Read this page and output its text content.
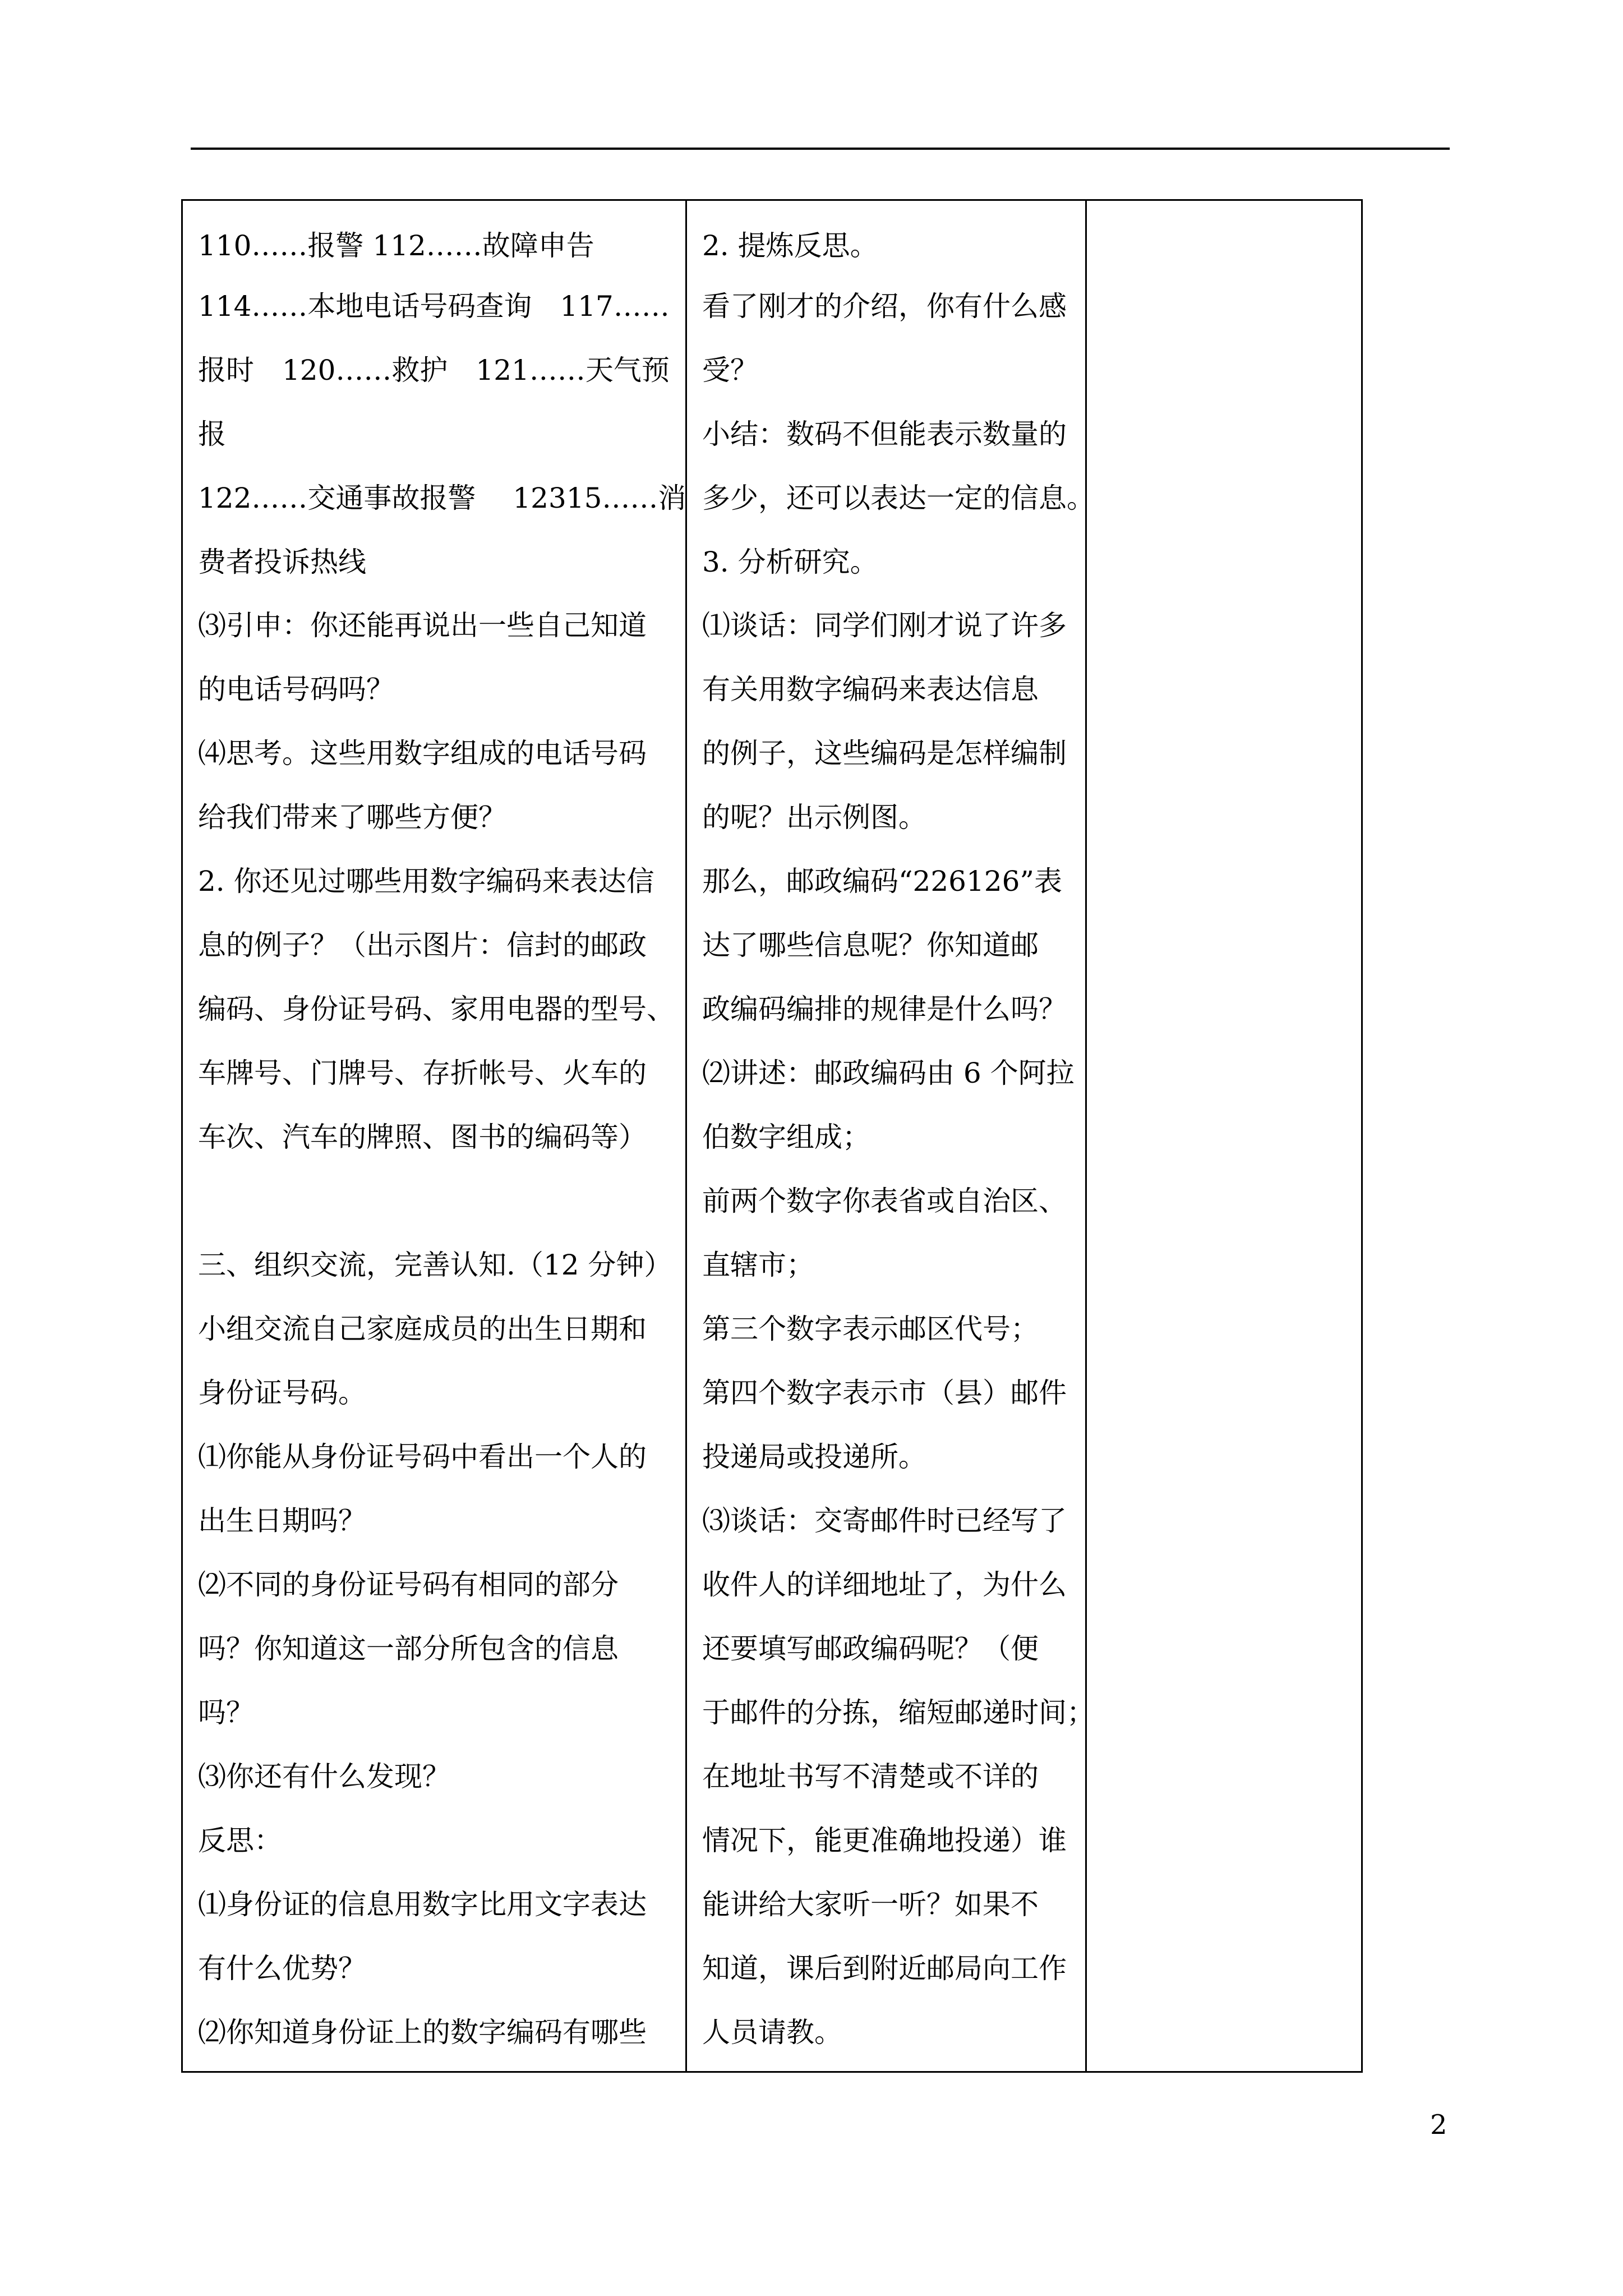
110……报警 112……故障申告
114……本地电话号码查询　117……
报时　120……救护　121……天气预
报
122……交通事故报警　 12315……消
费者投诉热线
⑶引申：你还能再说出一些自己知道
的电话号码吗？
⑷思考。这些用数字组成的电话号码
给我们带来了哪些方便？
2. 你还见过哪些用数字编码来表达信
息的例子？（出示图片：信封的邮政
编码、身份证号码、家用电器的型号、
车牌号、门牌号、存折帐号、火车的
车次、汽车的牌照、图书的编码等）
三、组织交流，完善认知.（12 分钟）
小组交流自己家庭成员的出生日期和
身份证号码。
⑴你能从身份证号码中看出一个人的
出生日期吗？
⑵不同的身份证号码有相同的部分
吗？你知道这一部分所包含的信息
吗？
⑶你还有什么发现？
反思：
⑴身份证的信息用数字比用文字表达
有什么优势？
⑵你知道身份证上的数字编码有哪些
2. 提炼反思。
看了刚才的介绍，你有什么感
受？
小结：数码不但能表示数量的
多少，还可以表达一定的信息。
3. 分析研究。
⑴谈话：同学们刚才说了许多
有关用数字编码来表达信息
的例子，这些编码是怎样编制
的呢？出示例图。
那么，邮政编码“226126”表
达了哪些信息呢？你知道邮
政编码编排的规律是什么吗？
⑵讲述：邮政编码由 6 个阿拉
伯数字组成；
前两个数字你表省或自治区、
直辖市；
第三个数字表示邮区代号；
第四个数字表示市（县）邮件
投递局或投递所。
⑶谈话：交寄邮件时已经写了
收件人的详细地址了，为什么
还要填写邮政编码呢？（便
于邮件的分拣，缩短邮递时间；
在地址书写不清楚或不详的
情况下，能更准确地投递）谁
能讲给大家听一听？如果不
知道，课后到附近邮局向工作
人员请教。
2
